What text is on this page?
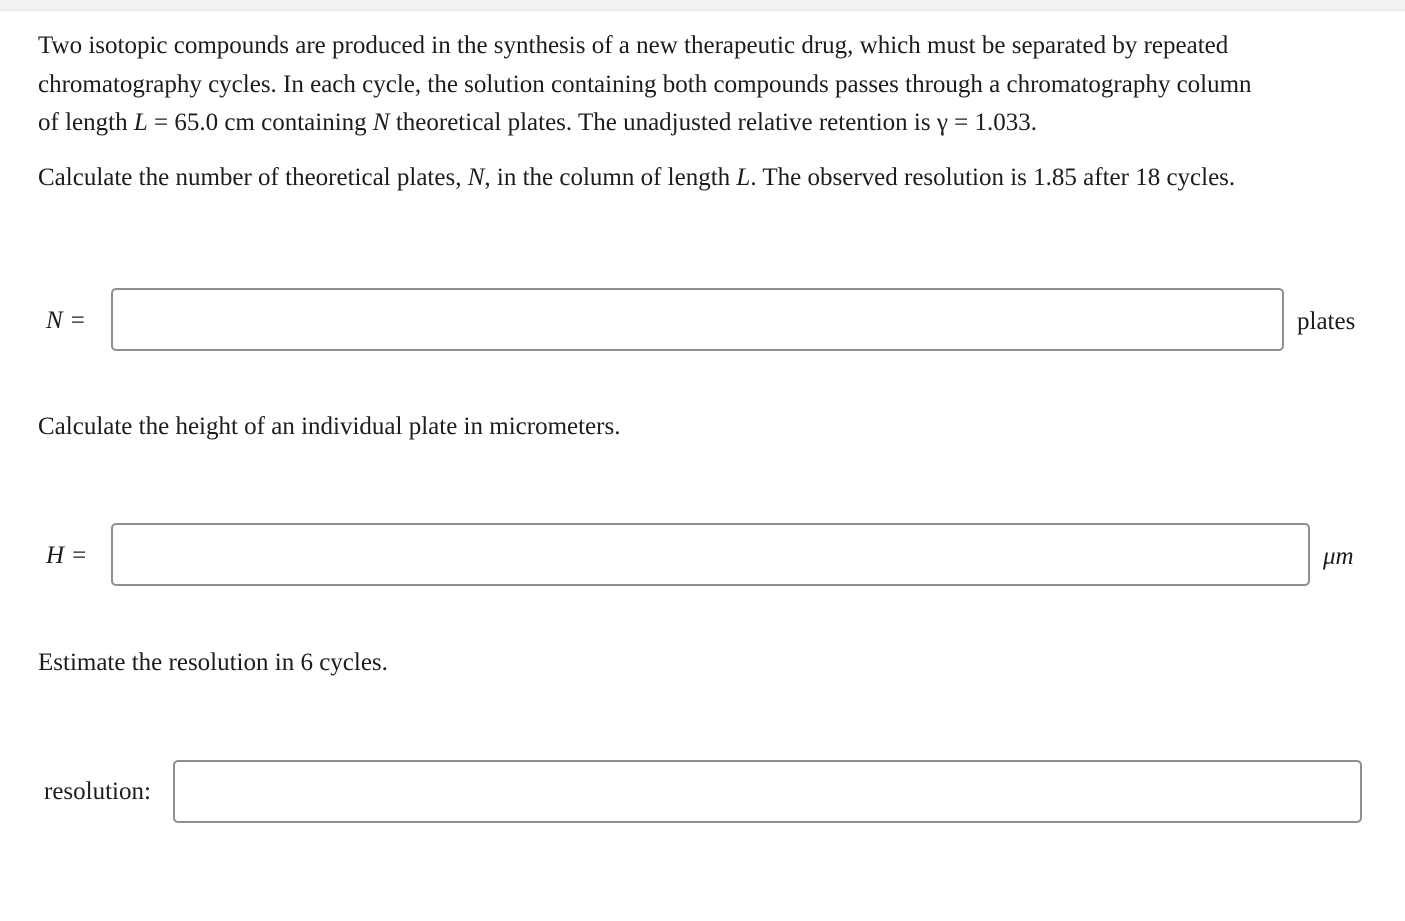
Two isotopic compounds are produced in the synthesis of a new therapeutic drug, which must be separated by repeated
chromatography cycles. In each cycle, the solution containing both compounds passes through a chromatography column
of length L = 65.0 cm containing N theoretical plates. The unadjusted relative retention is γ = 1.033.

Calculate the number of theoretical plates, N, in the column of length L. The observed resolution is 1.85 after 18 cycles.

N =	plates
Calculate the height of an individual plate in micrometers.
H =	μm
Estimate the resolution in 6 cycles.
resolution:
